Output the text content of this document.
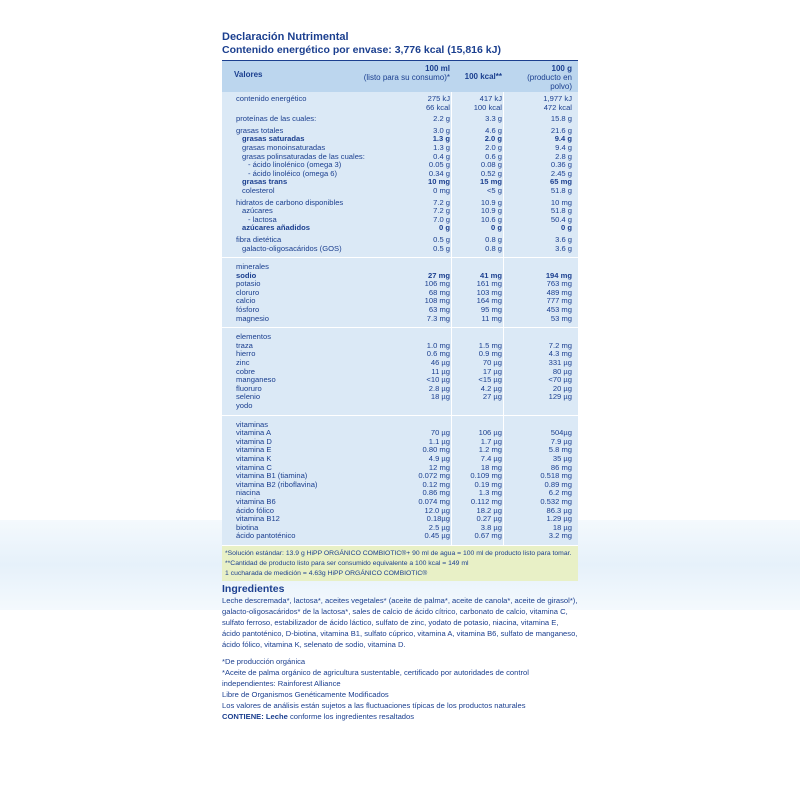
Declaración Nutrimental
Contenido energético por envase: 3,776 kcal (15,816 kJ)
Valores
100 ml
(listo para su consumo)*	100 kcal**
100 g
(producto en polvo)
contenido energético	275 kJ	417 kJ	1,977 kJ
66 kcal	100 kcal	472 kcal
proteínas de las cuales:	2.2 g	3.3 g	15.8 g
grasas totales	3.0 g	4.6 g	21.6 g
grasas saturadas	1.3 g	2.0 g	9.4 g
grasas monoinsaturadas	1.3 g	2.0 g	9.4 g
grasas polinsaturadas de las cuales:	0.4 g	0.6 g	2.8 g
- ácido linolénico (omega 3)	0.05 g	0.08 g	0.36 g
- ácido linoléico (omega 6)	0.34 g	0.52 g	2.45 g
grasas trans	10 mg	15 mg	65 mg
colesterol	0 mg	<5 g	51.8 g
hidratos de carbono disponibles	7.2 g	10.9 g	10 mg
azúcares	7.2 g	10.9 g	51.8 g
- lactosa	7.0 g	10.6 g	50.4 g
azúcares añadidos	0 g	0 g	0 g
fibra dietética	0.5 g	0.8 g	3.6 g
galacto-oligosacáridos (GOS)	0.5 g	0.8 g	3.6 g
minerales
sodio	27 mg	41 mg	194 mg
potasio	106 mg	161 mg	763 mg
cloruro	68 mg	103 mg	489 mg
calcio	108 mg	164 mg	777 mg
fósforo	63 mg	95 mg	453 mg
magnesio	7.3 mg	11 mg	53 mg
elementos
traza	1.0 mg	1.5 mg	7.2 mg
hierro	0.6 mg	0.9 mg	4.3 mg
zinc	46 µg	70 µg	331 µg
cobre	11 µg	17 µg	80 µg
manganeso	<10 µg	<15 µg	<70 µg
fluoruro	2.8 µg	4.2 µg	20 µg
selenio	18 µg	27 µg	129 µg
yodo
vitaminas
vitamina A	70 µg	106 µg	504µg
vitamina D	1.1 µg	1.7 µg	7.9 µg
vitamina E	0.80 mg	1.2 mg	5.8 mg
vitamina K	4.9 µg	7.4 µg	35 µg
vitamina C	12 mg	18 mg	86 mg
vitamina B1 (tiamina)	0.072 mg	0.109 mg	0.518 mg
vitamina B2 (riboflavina)	0.12 mg	0.19 mg	0.89 mg
niacina	0.86 mg	1.3 mg	6.2 mg
vitamina B6	0.074 mg	0.112 mg	0.532 mg
ácido fólico	12.0 µg	18.2 µg	86.3 µg
vitamina B12	0.18µg	0.27 µg	1.29 µg
biotina	2.5 µg	3.8 µg	18 µg
ácido pantoténico	0.45 µg	0.67 mg	3.2 mg
*Solución estándar: 13.9 g HiPP ORGÁNICO COMBIOTIC®+ 90 ml de agua = 100 ml de producto listo para tomar.
**Cantidad de producto listo para ser consumido equivalente a 100 kcal = 149 ml
1 cucharada de medición = 4.63g HiPP ORGÁNICO COMBIOTIC®
Ingredientes

Leche descremada*, lactosa*, aceites vegetales* (aceite de palma*, aceite de canola*, aceite de girasol*), galacto-oligosacáridos* de la lactosa*, sales de calcio de ácido cítrico, carbonato de calcio, vitamina C, sulfato ferroso, estabilizador de ácido láctico, sulfato de zinc, yodato de potasio, niacina, vitamina E, ácido pantoténico, D-biotina, vitamina B1, sulfato cúprico, vitamina A, vitamina B6, sulfato de manganeso, ácido fólico, vitamina K, selenato de sodio, vitamina D.

*De producción orgánica

*Aceite de palma orgánico de agricultura sustentable, certificado por autoridades de control independientes: Rainforest Alliance

Libre de Organismos Genéticamente Modificados

Los valores de análisis están sujetos a las fluctuaciones típicas de los productos naturales

CONTIENE: Leche conforme los ingredientes resaltados
